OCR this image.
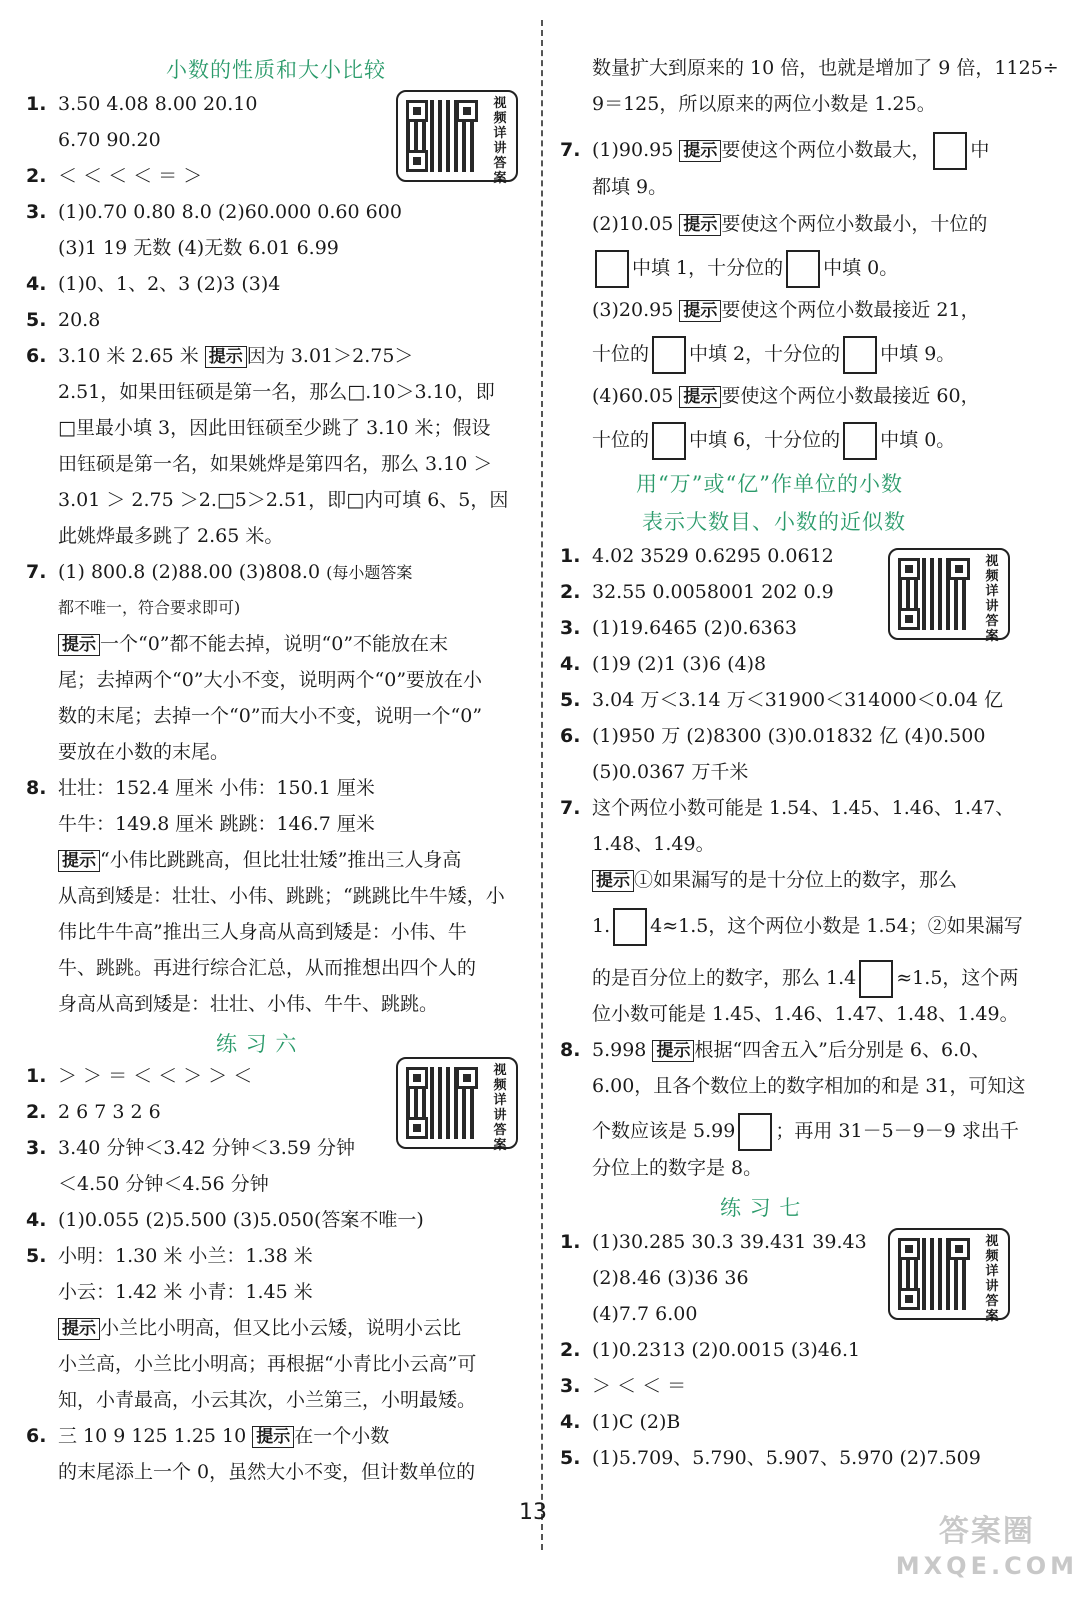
小数的性质和大小比较
1. 3.50 4.08 8.00 20.10
6.70 90.20
2. ＜ ＜ ＜ ＜ ＝ ＞
3. (1)0.70 0.80 8.0 (2)60.000 0.60 600
(3)1 19 无数 (4)无数 6.01 6.99
4. (1)0、1、2、3 (2)3 (3)4
5. 20.8
6. 3.10 米 2.65 米 提示 因为 3.01＞2.75＞
2.51，如果田钰硕是第一名，那么□.10＞3.10，即
□里最小填 3，因此田钰硕至少跳了 3.10 米；假设
田钰硕是第一名，如果姚烨是第四名，那么 3.10 ＞
3.01 ＞ 2.75 ＞2.□5＞2.51，即□内可填 6、5，因
此姚烨最多跳了 2.65 米。
7. (1) 800.8 (2)88.00 (3)808.0 (每小题答案
都不唯一，符合要求即可)
提示 一个“0”都不能去掉，说明“0”不能放在末
尾；去掉两个“0”大小不变，说明两个“0”要放在小
数的末尾；去掉一个“0”而大小不变，说明一个“0”
要放在小数的末尾。
8. 壮壮：152.4 厘米 小伟：150.1 厘米
牛牛：149.8 厘米 跳跳：146.7 厘米
提示 “小伟比跳跳高，但比壮壮矮”推出三人身高
从高到矮是：壮壮、小伟、跳跳；“跳跳比牛牛矮，小
伟比牛牛高”推出三人身高从高到矮是：小伟、牛
牛、跳跳。再进行综合汇总，从而推想出四个人的
身高从高到矮是：壮壮、小伟、牛牛、跳跳。
练 习 六
1. ＞ ＞ ＝ ＜ ＜ ＞ ＞ ＜
2. 2 6 7 3 2 6
3. 3.40 分钟＜3.42 分钟＜3.59 分钟
＜4.50 分钟＜4.56 分钟
4. (1)0.055 (2)5.500 (3)5.050(答案不唯一)
5. 小明：1.30 米 小兰：1.38 米
小云：1.42 米 小青：1.45 米
提示 小兰比小明高，但又比小云矮，说明小云比
小兰高，小兰比小明高；再根据“小青比小云高”可
知，小青最高，小云其次，小兰第三，小明最矮。
6. 三 10 9 125 1.25 10 提示 在一个小数
的末尾添上一个 0，虽然大小不变，但计数单位的
视频详讲答案
视频详讲答案
数量扩大到原来的 10 倍，也就是增加了 9 倍，1125÷
9＝125，所以原来的两位小数是 1.25。
7. (1)90.95 提示 要使这个两位小数最大， 中
都填 9。
(2)10.05 提示 要使这个两位小数最小，十位的
中填 1，十分位的 中填 0。
(3)20.95 提示 要使这个两位小数最接近 21，
十位的 中填 2，十分位的 中填 9。
(4)60.05 提示 要使这个两位小数最接近 60，
十位的 中填 6，十分位的 中填 0。
用“万”或“亿”作单位的小数
表示大数目、小数的近似数
1. 4.02 3529 0.6295 0.0612
2. 32.55 0.0058001 202 0.9
3. (1)19.6465 (2)0.6363
4. (1)9 (2)1 (3)6 (4)8
5. 3.04 万＜3.14 万＜31900＜314000＜0.04 亿
6. (1)950 万 (2)8300 (3)0.01832 亿 (4)0.500
(5)0.0367 万千米
7. 这个两位小数可能是 1.54、1.45、1.46、1.47、
1.48、1.49。
提示 ①如果漏写的是十分位上的数字，那么
1. 4≈1.5，这个两位小数是 1.54；②如果漏写
的是百分位上的数字，那么 1.4 ≈1.5，这个两
位小数可能是 1.45、1.46、1.47、1.48、1.49。
8. 5.998 提示 根据“四舍五入”后分别是 6、6.0、
6.00，且各个数位上的数字相加的和是 31，可知这
个数应该是 5.99 ；再用 31－5－9－9 求出千
分位上的数字是 8。
练 习 七
1. (1)30.285 30.3 39.431 39.43
(2)8.46 (3)36 36
(4)7.7 6.00
2. (1)0.2313 (2)0.0015 (3)46.1
3. ＞ ＜ ＜ ＝
4. (1)C (2)B
5. (1)5.709、5.790、5.907、5.970 (2)7.509
视频详讲答案
视频详讲答案
13
答案圈
MXQE.COM
